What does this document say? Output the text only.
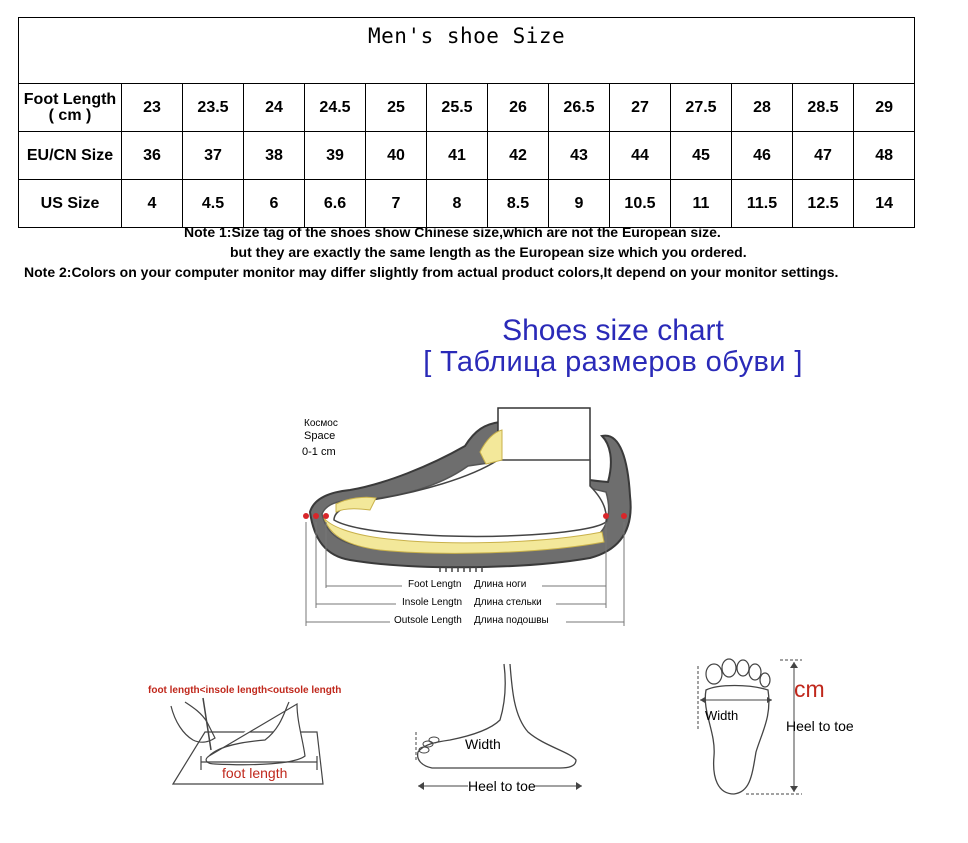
Men's shoe Size													
Foot Length
( cm )	23	23.5	24	24.5	25	25.5	26	26.5	27	27.5	28	28.5	29
EU/CN Size	36	37	38	39	40	41	42	43	44	45	46	47	48
US Size	4	4.5	6	6.6	7	8	8.5	9	10.5	11	11.5	12.5	14
Note 1:Size tag of the shoes show Chinese size,which are not the European size.
but they are exactly the same length as the European size which you ordered.
Note 2:Colors on your computer monitor may differ slightly from actual product colors,It depend on your monitor settings.
Shoes size chart
[ Таблица размеров обуви ]
Космос
Space
0-1 cm
Foot Lengtn Длина ноги
Insole Lengtn Длина стельки
Outsole Length Длина подошвы
foot length<insole length<outsole length
foot length
Width
Heel to toe
Width
cm
Heel to toe
